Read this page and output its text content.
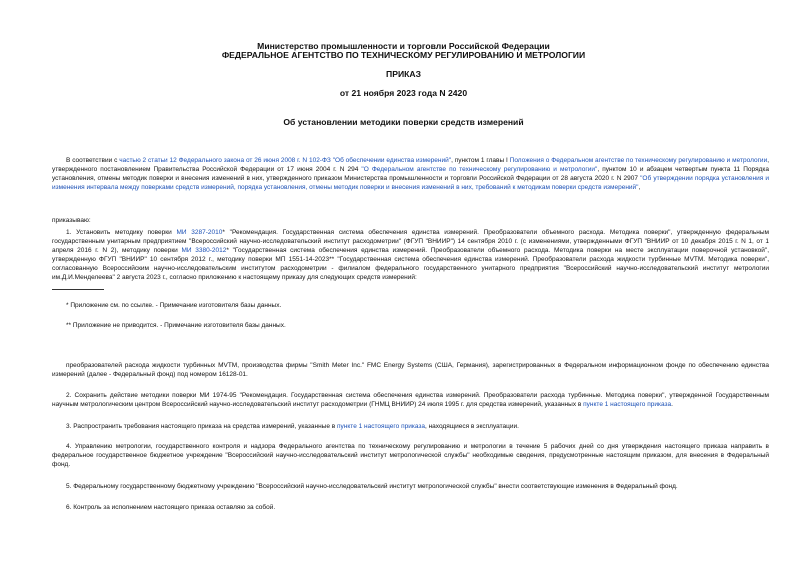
Министерство промышленности и торговли Российской Федерации
ФЕДЕРАЛЬНОЕ АГЕНТСТВО ПО ТЕХНИЧЕСКОМУ РЕГУЛИРОВАНИЮ И МЕТРОЛОГИИ
ПРИКАЗ
от 21 ноября 2023 года N 2420
Об установлении методики поверки средств измерений
В соответствии с частью 2 статьи 12 Федерального закона от 26 июня 2008 г. N 102-ФЗ "Об обеспечении единства измерений", пунктом 1 главы I Положения о Федеральном агентстве по техническому регулированию и метрологии, утвержденного постановлением Правительства Российской Федерации от 17 июня 2004 г. N 294 "О Федеральном агентстве по техническому регулированию и метрологии", пунктом 10 и абзацем четвертым пункта 11 Порядка установления, отмены методик поверки и внесения изменений в них, утвержденного приказом Министерства промышленности и торговли Российской Федерации от 28 августа 2020 г. N 2907 "Об утверждении порядка установления и изменения интервала между поверками средств измерений, порядка установления, отмены методик поверки и внесения изменений в них, требований к методикам поверки средств измерений",
приказываю:
1. Установить методику поверки МИ 3287-2010* "Рекомендация. Государственная система обеспечения единства измерений. Преобразователи объемного расхода. Методика поверки", утвержденную федеральным государственным унитарным предприятием "Всероссийский научно-исследовательский институт расходометрии" (ФГУП "ВНИИР") 14 сентября 2010 г. (с изменениями, утвержденными ФГУП "ВНИИР от 10 декабря 2015 г. N 1, от 1 апреля 2016 г. N 2), методику поверки МИ 3380-2012* "Государственная система обеспечения единства измерений. Преобразователи объемного расхода. Методика поверки на месте эксплуатации поверочной установкой", утвержденную ФГУП "ВНИИР" 10 сентября 2012 г., методику поверки МП 1551-14-2023** "Государственная система обеспечения единства измерений. Преобразователи расхода жидкости турбинные MVTM. Методика поверки", согласованную Всероссийским научно-исследовательским институтом расходометрии - филиалом федерального государственного унитарного предприятия "Всероссийский научно-исследовательский институт метрологии им.Д.И.Менделеева" 2 августа 2023 г., согласно приложению к настоящему приказу для следующих средств измерений:
* Приложение см. по ссылке. - Примечание изготовителя базы данных.
** Приложение не приводится. - Примечание изготовителя базы данных.
преобразователей расхода жидкости турбинных MVTM, производства фирмы "Smith Meter Inc." FMC Energy Systems (США, Германия), зарегистрированных в Федеральном информационном фонде по обеспечению единства измерений (далее - Федеральный фонд) под номером 16128-01.
2. Сохранить действие методики поверки МИ 1974-95 "Рекомендация. Государственная система обеспечения единства измерений. Преобразователи расхода турбинные. Методика поверки", утвержденной Государственным научным метрологическим центром Всероссийский научно-исследовательский институт расходометрии (ГНМЦ ВНИИР) 24 июля 1995 г. для средства измерений, указанных в пункте 1 настоящего приказа.
3. Распространить требования настоящего приказа на средства измерений, указанные в пункте 1 настоящего приказа, находящиеся в эксплуатации.
4. Управлению метрологии, государственного контроля и надзора Федерального агентства по техническому регулированию и метрологии в течение 5 рабочих дней со дня утверждения настоящего приказа направить в федеральное государственное бюджетное учреждение "Всероссийский научно-исследовательский институт метрологической службы" необходимые сведения, предусмотренные настоящим приказом, для внесения в Федеральный фонд.
5. Федеральному государственному бюджетному учреждению "Всероссийский научно-исследовательский институт метрологической службы" внести соответствующие изменения в Федеральный фонд.
6. Контроль за исполнением настоящего приказа оставляю за собой.
